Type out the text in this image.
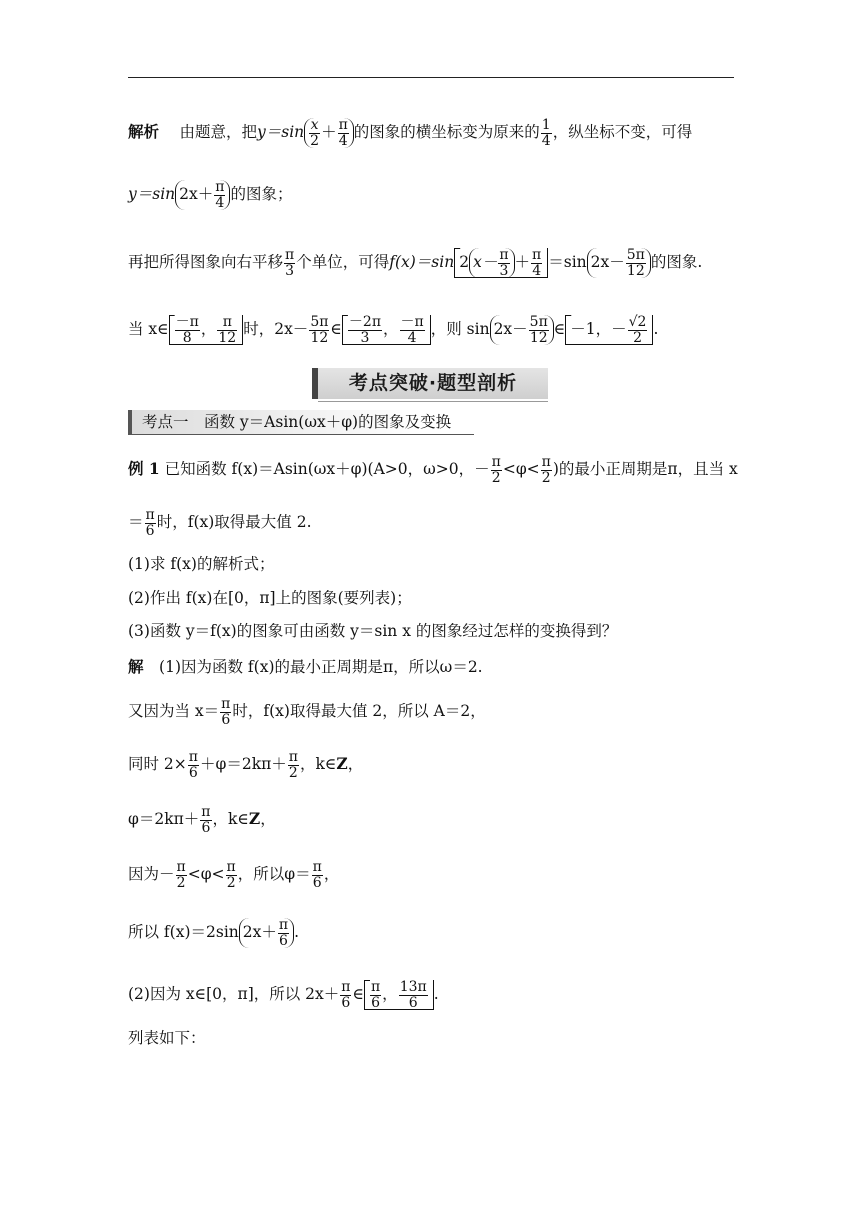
解析 　 由题意，把$y=\sin \frac{x}{2} + \frac{\pi}{4}$ 的图象的横坐标变为原来的 $\frac{1}{4}$ ，纵坐标不变，可得
y＝sin $2x+ \frac{\pi}{4}$ 的图象；
再把所得图象向右平移 $\frac{\pi}{3}$ 个单位，可得f(x)＝sin 2 $x- \frac{\pi}{3} + \frac{\pi}{4} =\sin$ $2x- \frac{5\pi}{12}$ 的图象.
当 x∈ $\frac{-\pi}{8}$ ， $\frac{\pi}{12}$ 时，$2x- \frac{5\pi}{12}$ ∈ $\frac{-2\pi}{3}$ ， $\frac{-\pi}{4}$ ，则 $\sin 2x- \frac{5\pi}{12}$ ∈ －1，－ $\frac{√2}{2}$ .
考点突破·题型剖析
考点一　函数 y＝Asin(ωx＋φ)的图象及变换
例 1 已知函数 f(x)＝Asin(ωx＋φ)(A>0，ω>0，－ $\frac{\pi}{2} <\varphi< \frac{\pi}{2}$ )的最小正周期是π，且当 x
＝ $\frac{\pi}{6}$ 时，f(x)取得最大值 2.
(1)求 f(x)的解析式；
(2)作出 f(x)在[0，π]上的图象(要列表)；
(3)函数 y＝f(x)的图象可由函数 y＝sin x 的图象经过怎样的变换得到？
解　 (1)因为函数 f(x)的最小正周期是π，所以ω＝2.
又因为当 $x= \frac{\pi}{6}$ 时，f(x)取得最大值 2，所以 A＝2，
同时 $2\times \frac{\pi}{6} +\varphi=2k\pi+ \frac{\pi}{2}$ ，k∈Z，
$\varphi=2k\pi+ \frac{\pi}{6}$ ，k∈Z，
因为－ $\frac{\pi}{2} <\varphi< \frac{\pi}{2}$ ，所以$\varphi= \frac{\pi}{6}$ ，
所以 f(x)＝2sin $2x+ \frac{\pi}{6}$ .
(2)因为 x∈[0，π]，所以 $2x+ \frac{\pi}{6}$ ∈ $\frac{\pi}{6}$ ， $\frac{13\pi}{6}$ .
列表如下：
